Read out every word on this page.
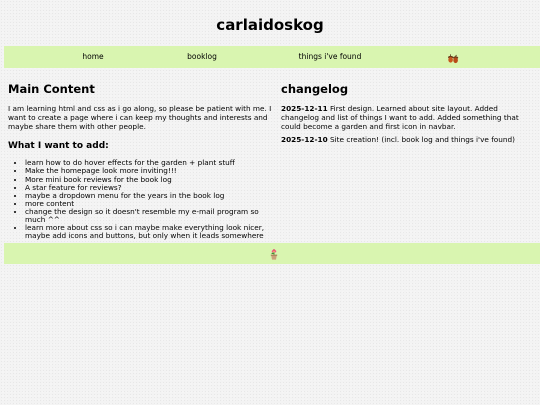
carlaidoskog
home	booklog	things i've found
Main Content

I am learning html and css as i go along, so please be patient with me. I want to create a page where i can keep my thoughts and interests and maybe share them with other people.

What I want to add:
• learn how to do hover effects for the garden + plant stuff
• Make the homepage look more inviting!!!
• More mini book reviews for the book log
• A star feature for reviews?
• maybe a dropdown menu for the years in the book log
• more content
• change the design so it doesn't resemble my e-mail program so much ^^
• learn more about css so i can maybe make everything look nicer, maybe add icons and buttons, but only when it leads somewhere
changelog

2025-12-11 First design. Learned about site layout. Added changelog and list of things I want to add. Added something that could become a garden and first icon in navbar.

2025-12-10 Site creation! (incl. book log and things i've found)
